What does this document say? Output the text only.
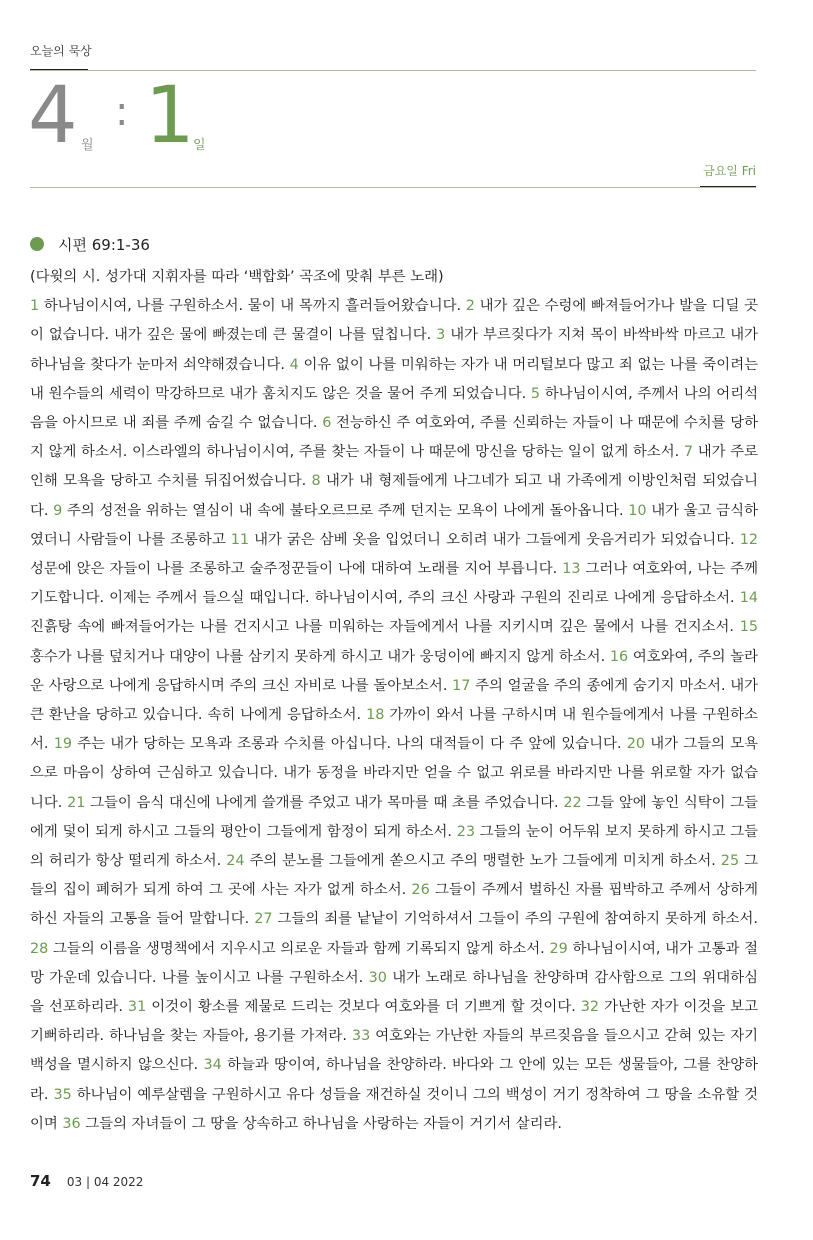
오늘의 묵상
4 월
: 1
일
금요일 Fri
시편 69:1-36

(다윗의 시. 성가대 지휘자를 따라 ‘백합화’ 곡조에 맞춰 부른 노래)
1 하나님이시여, 나를 구원하소서. 물이 내 목까지 흘러들어왔습니다. 2 내가 깊은 수렁에 빠져들어가나 발을 디딜 곳이 없습니다. 내가 깊은 물에 빠졌는데 큰 물결이 나를 덮칩니다. 3 내가 부르짖다가 지쳐 목이 바싹바싹 마르고 내가 하나님을 찾다가 눈마저 쇠약해졌습니다. 4 이유 없이 나를 미워하는 자가 내 머리털보다 많고 죄 없는 나를 죽이려는 내 원수들의 세력이 막강하므로 내가 훔치지도 않은 것을 물어 주게 되었습니다. 5 하나님이시여, 주께서 나의 어리석음을 아시므로 내 죄를 주께 숨길 수 없습니다. 6 전능하신 주 여호와여, 주를 신뢰하는 자들이 나 때문에 수치를 당하지 않게 하소서. 이스라엘의 하나님이시여, 주를 찾는 자들이 나 때문에 망신을 당하는 일이 없게 하소서. 7 내가 주로 인해 모욕을 당하고 수치를 뒤집어썼습니다. 8 내가 내 형제들에게 나그네가 되고 내 가족에게 이방인처럼 되었습니다. 9 주의 성전을 위하는 열심이 내 속에 불타오르므로 주께 던지는 모욕이 나에게 돌아옵니다. 10 내가 울고 금식하였더니 사람들이 나를 조롱하고 11 내가 굵은 삼베 옷을 입었더니 오히려 내가 그들에게 웃음거리가 되었습니다. 12 성문에 앉은 자들이 나를 조롱하고 술주정꾼들이 나에 대하여 노래를 지어 부릅니다. 13 그러나 여호와여, 나는 주께 기도합니다. 이제는 주께서 들으실 때입니다. 하나님이시여, 주의 크신 사랑과 구원의 진리로 나에게 응답하소서. 14 진흙탕 속에 빠져들어가는 나를 건지시고 나를 미워하는 자들에게서 나를 지키시며 깊은 물에서 나를 건지소서. 15 홍수가 나를 덮치거나 대양이 나를 삼키지 못하게 하시고 내가 웅덩이에 빠지지 않게 하소서. 16 여호와여, 주의 놀라운 사랑으로 나에게 응답하시며 주의 크신 자비로 나를 돌아보소서. 17 주의 얼굴을 주의 종에게 숨기지 마소서. 내가 큰 환난을 당하고 있습니다. 속히 나에게 응답하소서. 18 가까이 와서 나를 구하시며 내 원수들에게서 나를 구원하소서. 19 주는 내가 당하는 모욕과 조롱과 수치를 아십니다. 나의 대적들이 다 주 앞에 있습니다. 20 내가 그들의 모욕으로 마음이 상하여 근심하고 있습니다. 내가 동정을 바라지만 얻을 수 없고 위로를 바라지만 나를 위로할 자가 없습니다. 21 그들이 음식 대신에 나에게 쓸개를 주었고 내가 목마를 때 초를 주었습니다. 22 그들 앞에 놓인 식탁이 그들에게 덫이 되게 하시고 그들의 평안이 그들에게 함정이 되게 하소서. 23 그들의 눈이 어두워 보지 못하게 하시고 그들의 허리가 항상 떨리게 하소서. 24 주의 분노를 그들에게 쏟으시고 주의 맹렬한 노가 그들에게 미치게 하소서. 25 그들의 집이 폐허가 되게 하여 그 곳에 사는 자가 없게 하소서. 26 그들이 주께서 벌하신 자를 핍박하고 주께서 상하게 하신 자들의 고통을 들어 말합니다. 27 그들의 죄를 낱낱이 기억하셔서 그들이 주의 구원에 참여하지 못하게 하소서. 28 그들의 이름을 생명책에서 지우시고 의로운 자들과 함께 기록되지 않게 하소서. 29 하나님이시여, 내가 고통과 절망 가운데 있습니다. 나를 높이시고 나를 구원하소서. 30 내가 노래로 하나님을 찬양하며 감사함으로 그의 위대하심을 선포하리라. 31 이것이 황소를 제물로 드리는 것보다 여호와를 더 기쁘게 할 것이다. 32 가난한 자가 이것을 보고 기뻐하리라. 하나님을 찾는 자들아, 용기를 가져라. 33 여호와는 가난한 자들의 부르짖음을 들으시고 갇혀 있는 자기 백성을 멸시하지 않으신다. 34 하늘과 땅이여, 하나님을 찬양하라. 바다와 그 안에 있는 모든 생물들아, 그를 찬양하라. 35 하나님이 예루살렘을 구원하시고 유다 성들을 재건하실 것이니 그의 백성이 거기 정착하여 그 땅을 소유할 것이며 36 그들의 자녀들이 그 땅을 상속하고 하나님을 사랑하는 자들이 거기서 살리라.

74 03 | 04 2022
